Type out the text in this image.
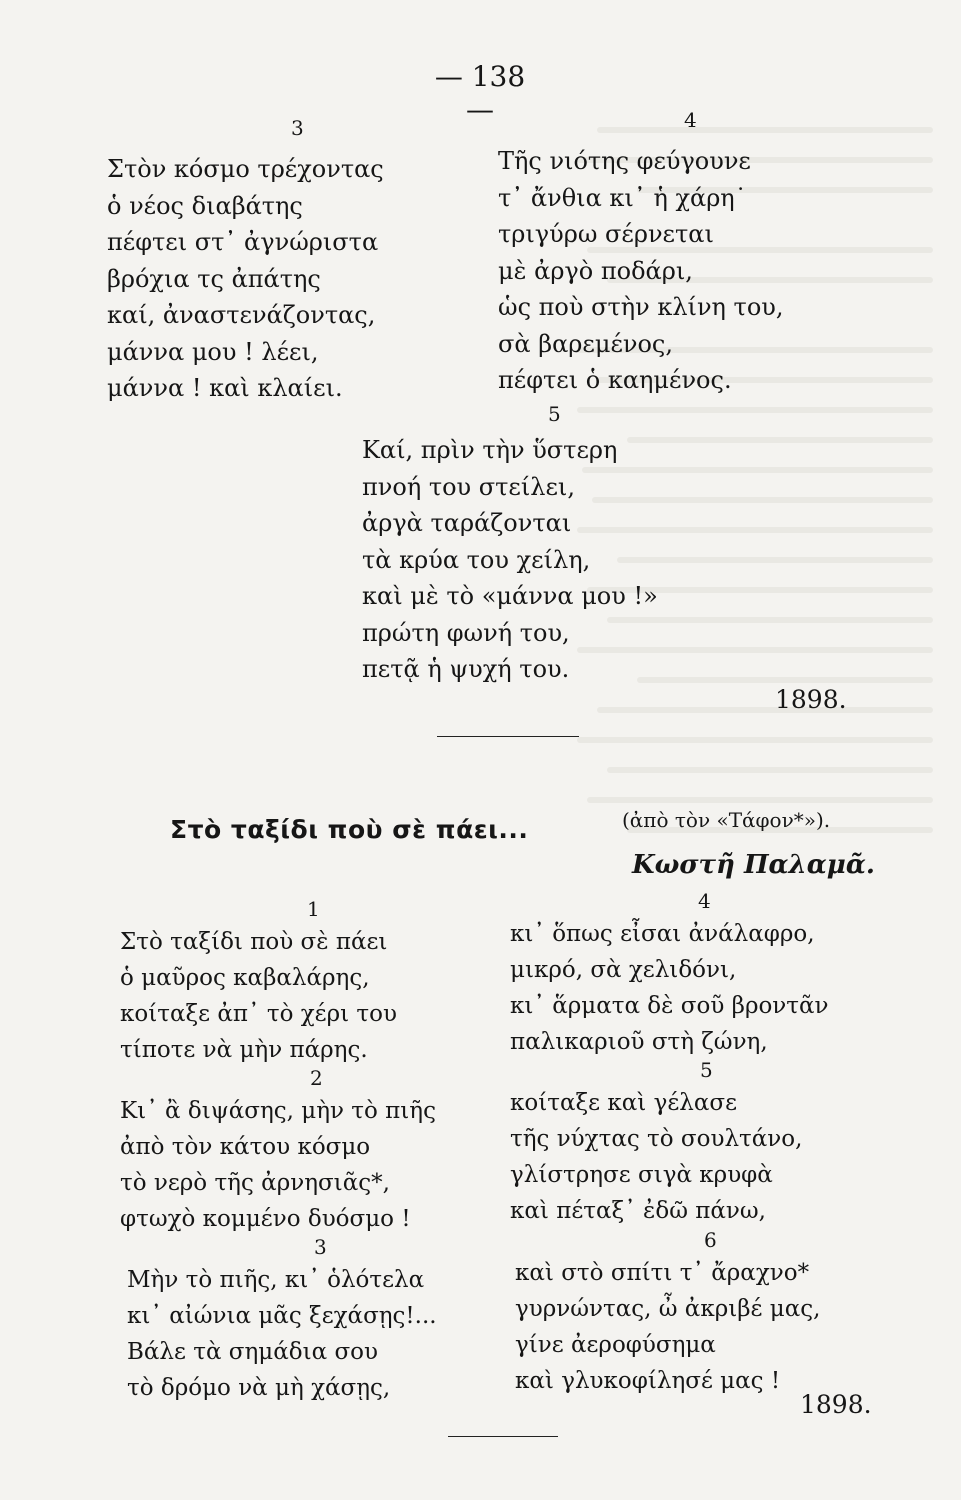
— 138 —
3
Στὸν κόσμο τρέχοντας
ὁ νέος διαβάτης
πέφτει στ᾽ ἀγνώριστα
βρόχια τς ἀπάτης
καί, ἀναστενάζοντας,
μάννα μου ! λέει,
μάννα ! καὶ κλαίει.
4
Τῆς νιότης φεύγουνε
τ᾽ ἄνθια κι᾽ ἡ χάρη˙
τριγύρω σέρνεται
μὲ ἀργὸ ποδάρι,
ὡς ποὺ στὴν κλίνη του,
σὰ βαρεμένος,
πέφτει ὁ καημένος.
5
Καί, πρὶν τὴν ὕστερη
πνοή του στείλει,
ἀργὰ ταράζονται
τὰ κρύα του χείλη,
καὶ μὲ τὸ «μάννα μου !»
πρώτη φωνή του,
πετᾷ ἡ ψυχή του.
1898.
Στὸ ταξίδι ποὺ σὲ πάει...	(ἀπὸ τὸν «Τάφον*»).
Κωστῆ Παλαμᾶ.
1
Στὸ ταξίδι ποὺ σὲ πάει
ὁ μαῦρος καβαλάρης,
κοίταξε ἀπ᾽ τὸ χέρι του
τίποτε νὰ μὴν πάρης.
2
Κι᾽ ἂ διψάσης, μὴν τὸ πιῆς
ἀπὸ τὸν κάτου κόσμο
τὸ νερὸ τῆς ἀρνησιᾶς*,
φτωχὸ κομμένο δυόσμο !
3
Μὴν τὸ πιῆς, κι᾽ ὁλότελα
κι᾽ αἰώνια μᾶς ξεχάσῃς!...
Βάλε τὰ σημάδια σου
τὸ δρόμο νὰ μὴ χάσῃς,
4
κι᾽ ὅπως εἶσαι ἀνάλαφρο,
μικρό, σὰ χελιδόνι,
κι᾽ ἅρματα δὲ σοῦ βροντᾶν
παλικαριοῦ στὴ ζώνη,
5
κοίταξε καὶ γέλασε
τῆς νύχτας τὸ σουλτάνο,
γλίστρησε σιγὰ κρυφὰ
καὶ πέταξ᾽ ἐδῶ πάνω,
6
καὶ στὸ σπίτι τ᾽ ἄραχνο*
γυρνώντας, ὦ ἀκριβέ μας,
γίνε ἀεροφύσημα
καὶ γλυκοφίλησέ μας !
1898.
